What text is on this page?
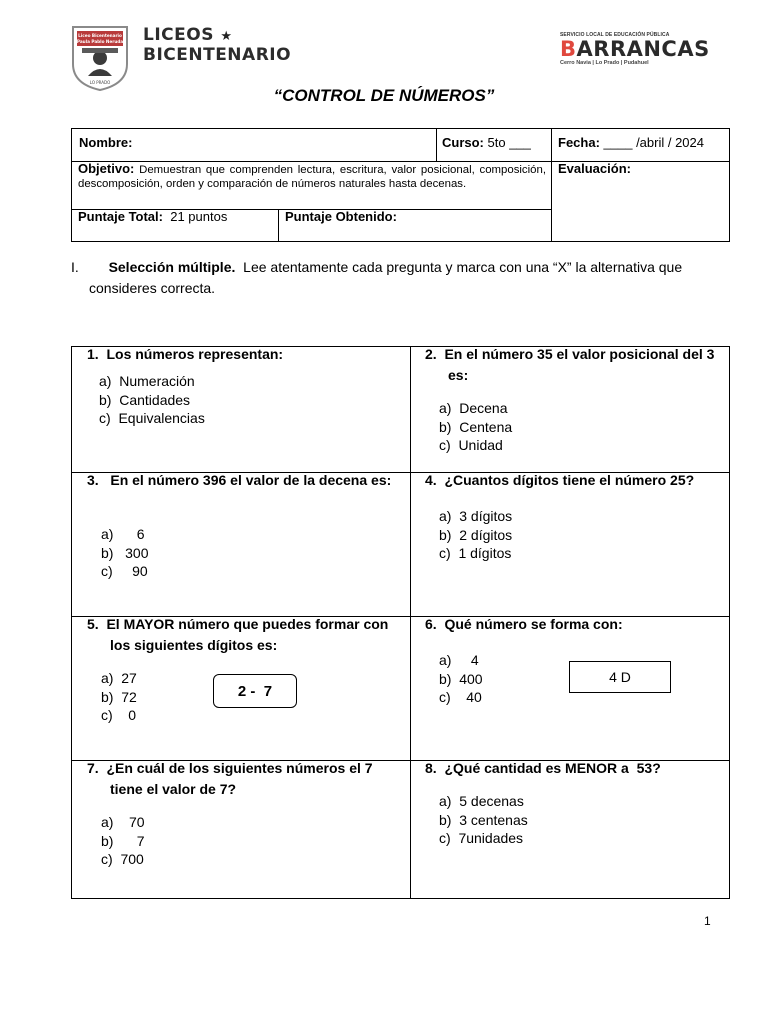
Liceo Bicentenario
Paula Pablo Neruda
LO PRADO
LICEOS ★
BICENTENARIO
SERVICIO LOCAL DE EDUCACIÓN PÚBLICA
BARRANCAS
Cerro Navia | Lo Prado | Pudahuel
“CONTROL DE NÚMEROS”
Nombre:	Curso: 5to ___ Fecha: ____ /abril / 2024
Objetivo: Demuestran que comprenden lectura, escritura, valor posicional, composición, descomposición, orden y comparación de números naturales hasta decenas.
Evaluación:
Puntaje Total: 21 puntos	Puntaje Obtenido:
I. Selección múltiple. Lee atentamente cada pregunta y marca con una “X” la alternativa que consideres correcta.
1. Los números representan:
a)  Numeración
b)  Cantidades
c)  Equivalencias
2. En el número 35 el valor posicional del 3 es:
a)  Decena
b)  Centena
c)  Unidad
3. En el número 396 el valor de la decena es:
a)      6
b)   300
c)     90
4. ¿Cuantos dígitos tiene el número 25?
a)  3 dígitos
b)  2 dígitos
c)  1 dígitos
5. El MAYOR número que puedes formar con los siguientes dígitos es:
a)  27
b)  72
c)    0
2 -  7
6. Qué número se forma con:
a)     4
b)  400
c)    40
4 D
7. ¿En cuál de los siguientes números el 7 tiene el valor de 7?
a)    70
b)      7
c)  700
8. ¿Qué cantidad es MENOR a  53?
a)  5 decenas
b)  3 centenas
c)  7unidades
1
